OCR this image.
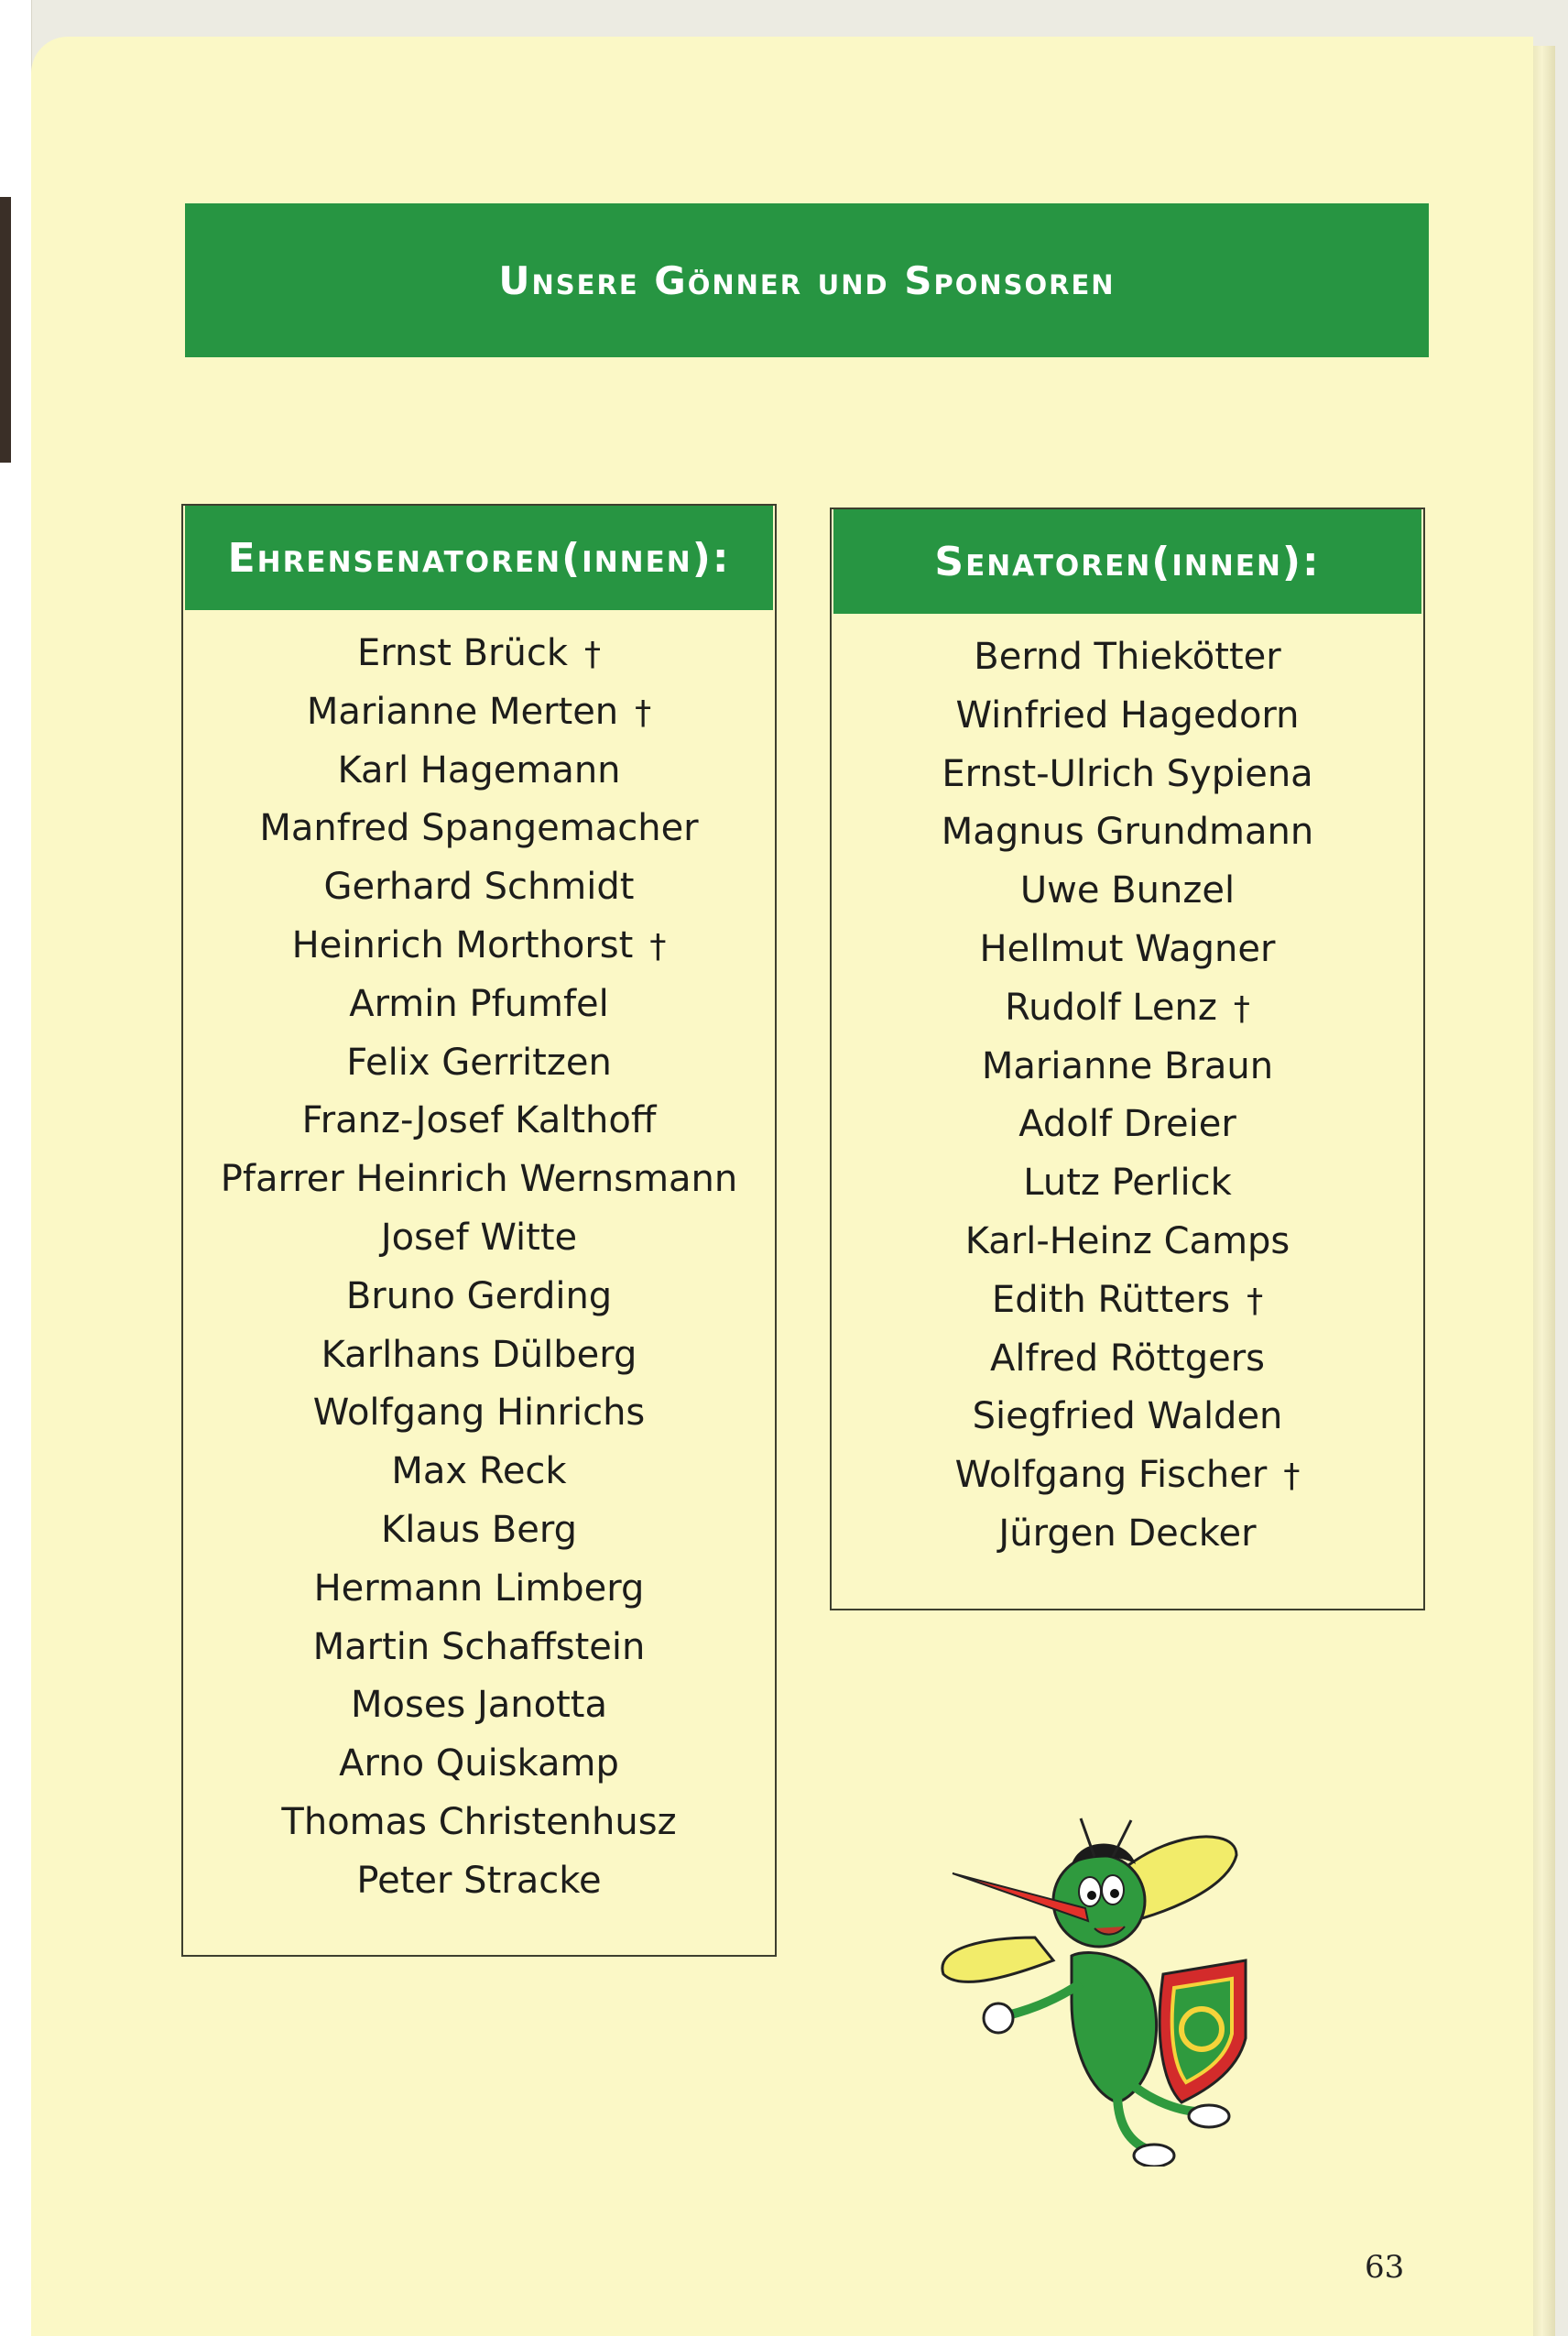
Unsere Gönner und Sponsoren
Ehrensenatoren(innen):
Ernst Brück †
Marianne Merten †
Karl Hagemann
Manfred Spangemacher
Gerhard Schmidt
Heinrich Morthorst †
Armin Pfumfel
Felix Gerritzen
Franz-Josef Kalthoff
Pfarrer Heinrich Wernsmann
Josef Witte
Bruno Gerding
Karlhans Dülberg
Wolfgang Hinrichs
Max Reck
Klaus Berg
Hermann Limberg
Martin Schaffstein
Moses Janotta
Arno Quiskamp
Thomas Christenhusz
Peter Stracke
Senatoren(innen):
Bernd Thiekötter
Winfried Hagedorn
Ernst-Ulrich Sypiena
Magnus Grundmann
Uwe Bunzel
Hellmut Wagner
Rudolf Lenz †
Marianne Braun
Adolf Dreier
Lutz Perlick
Karl-Heinz Camps
Edith Rütters †
Alfred Röttgers
Siegfried Walden
Wolfgang Fischer †
Jürgen Decker
63
